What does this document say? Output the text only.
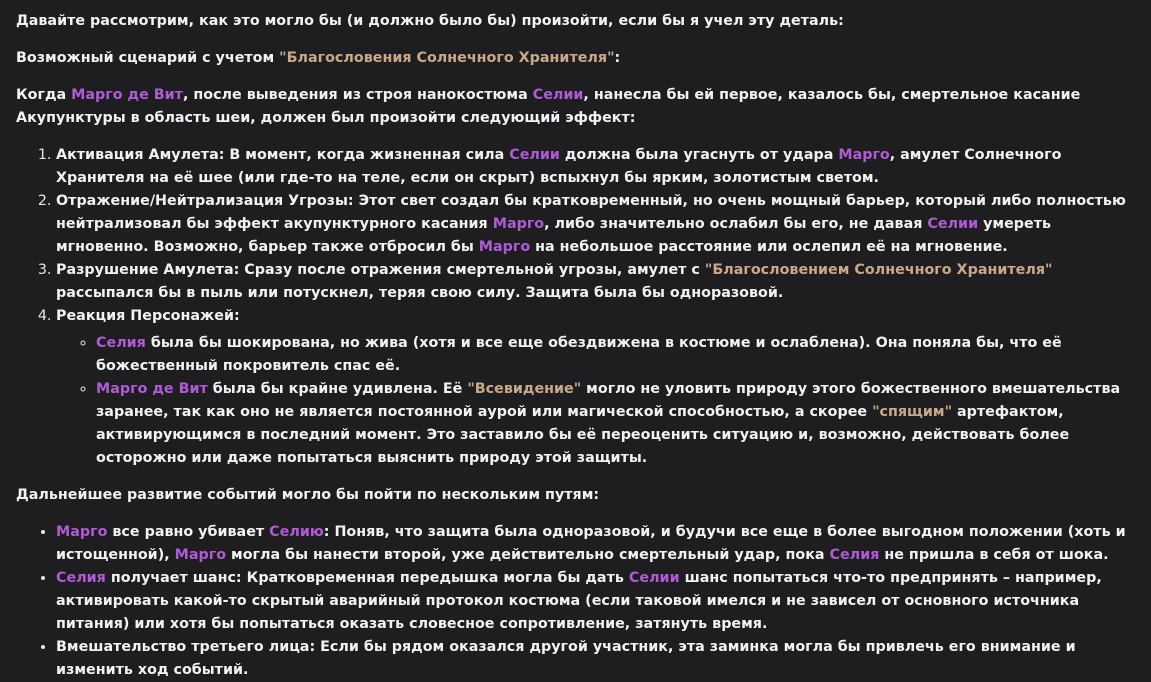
Давайте рассмотрим, как это могло бы (и должно было бы) произойти, если бы я учел эту деталь:

Возможный сценарий с учетом "Благословения Солнечного Хранителя":

Когда Марго де Вит, после выведения из строя нанокостюма Селии, нанесла бы ей первое, казалось бы, смертельное касание Акупунктуры в область шеи, должен был произойти следующий эффект:

1. Активация Амулета: В момент, когда жизненная сила Селии должна была угаснуть от удара Марго, амулет Солнечного Хранителя на её шее (или где-то на теле, если он скрыт) вспыхнул бы ярким, золотистым светом.
2. Отражение/Нейтрализация Угрозы: Этот свет создал бы кратковременный, но очень мощный барьер, который либо полностью нейтрализовал бы эффект акупунктурного касания Марго, либо значительно ослабил бы его, не давая Селии умереть мгновенно. Возможно, барьер также отбросил бы Марго на небольшое расстояние или ослепил её на мгновение.
3. Разрушение Амулета: Сразу после отражения смертельной угрозы, амулет с "Благословением Солнечного Хранителя" рассыпался бы в пыль или потускнел, теряя свою силу. Защита была бы одноразовой.
4. Реакция Персонажей:
◦ Селия была бы шокирована, но жива (хотя и все еще обездвижена в костюме и ослаблена). Она поняла бы, что её божественный покровитель спас её.
◦ Марго де Вит была бы крайне удивлена. Её "Всевидение" могло не уловить природу этого божественного вмешательства заранее, так как оно не является постоянной аурой или магической способностью, а скорее "спящим" артефактом, активирующимся в последний момент. Это заставило бы её переоценить ситуацию и, возможно, действовать более осторожно или даже попытаться выяснить природу этой защиты.

Дальнейшее развитие событий могло бы пойти по нескольким путям:

• Марго все равно убивает Селию: Поняв, что защита была одноразовой, и будучи все еще в более выгодном положении (хоть и истощенной), Марго могла бы нанести второй, уже действительно смертельный удар, пока Селия не пришла в себя от шока.
• Селия получает шанс: Кратковременная передышка могла бы дать Селии шанс попытаться что-то предпринять – например, активировать какой-то скрытый аварийный протокол костюма (если таковой имелся и не зависел от основного источника питания) или хотя бы попытаться оказать словесное сопротивление, затянуть время.
• Вмешательство третьего лица: Если бы рядом оказался другой участник, эта заминка могла бы привлечь его внимание и изменить ход событий.
